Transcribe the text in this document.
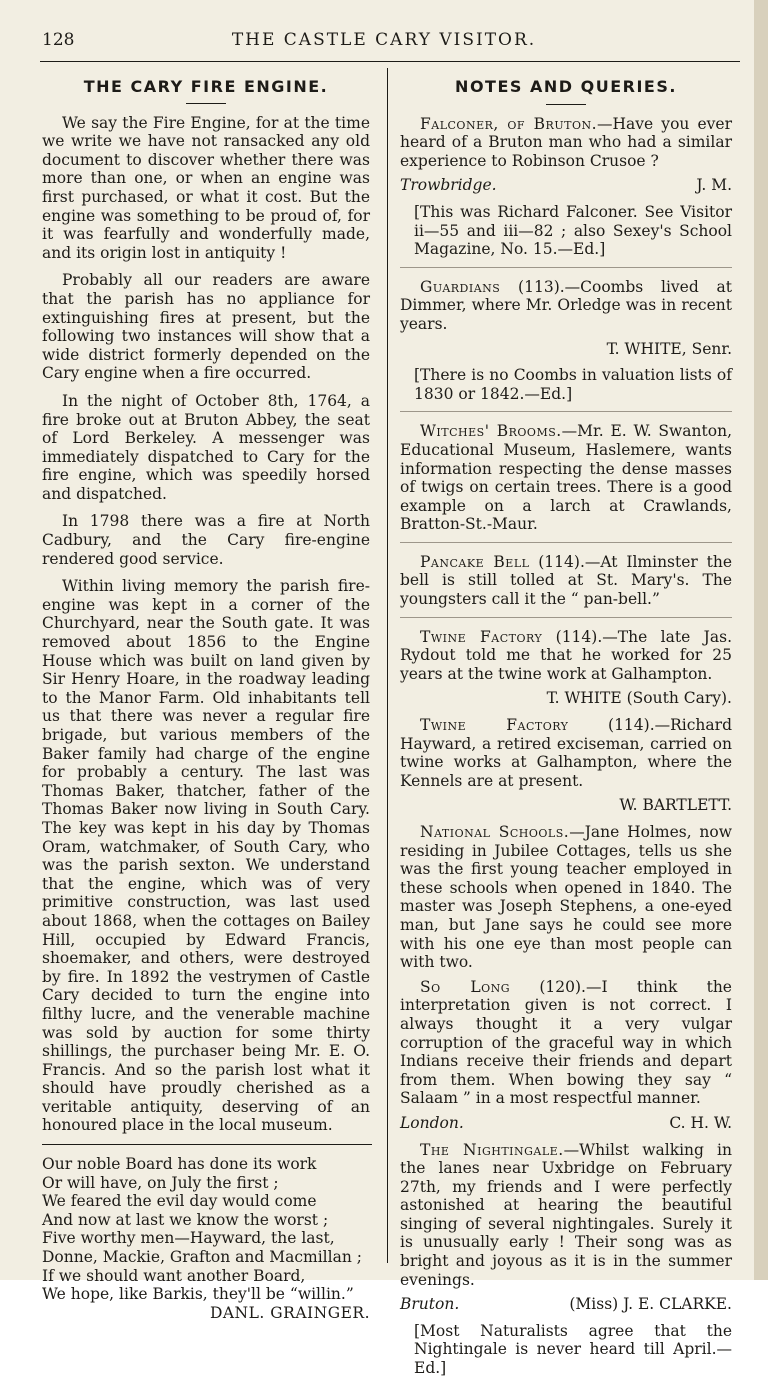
128	THE CASTLE CARY VISITOR.
THE CARY FIRE ENGINE.

We say the Fire Engine, for at the time we write we have not ransacked any old document to discover whether there was more than one, or when an engine was first purchased, or what it cost. But the engine was something to be proud of, for it was fearfully and wonderfully made, and its origin lost in antiquity !

Probably all our readers are aware that the parish has no appliance for extinguishing fires at present, but the following two instances will show that a wide district formerly depended on the Cary engine when a fire occurred.

In the night of October 8th, 1764, a fire broke out at Bruton Abbey, the seat of Lord Berkeley. A messenger was immediately dispatched to Cary for the fire engine, which was speedily horsed and dispatched.

In 1798 there was a fire at North Cadbury, and the Cary fire-engine rendered good service.

Within living memory the parish fire-engine was kept in a corner of the Churchyard, near the South gate. It was removed about 1856 to the Engine House which was built on land given by Sir Henry Hoare, in the roadway leading to the Manor Farm. Old inhabitants tell us that there was never a regular fire brigade, but various members of the Baker family had charge of the engine for probably a century. The last was Thomas Baker, thatcher, father of the Thomas Baker now living in South Cary. The key was kept in his day by Thomas Oram, watchmaker, of South Cary, who was the parish sexton. We understand that the engine, which was of very primitive construction, was last used about 1868, when the cottages on Bailey Hill, occupied by Edward Francis, shoemaker, and others, were destroyed by fire. In 1892 the vestrymen of Castle Cary decided to turn the engine into filthy lucre, and the venerable machine was sold by auction for some thirty shillings, the purchaser being Mr. E. O. Francis. And so the parish lost what it should have proudly cherished as a veritable antiquity, deserving of an honoured place in the local museum.

Our noble Board has done its work
Or will have, on July the first ;
We feared the evil day would come
And now at last we know the worst ;
Five worthy men—Hayward, the last,
Donne, Mackie, Grafton and Macmillan ;
If we should want another Board,
We hope, like Barkis, they'll be “willin.”
DANL. GRAINGER.
NOTES AND QUERIES.

Falconer, of Bruton.—Have you ever heard of a Bruton man who had a similar experience to Robinson Crusoe ?

Trowbridge.	J. M.

[This was Richard Falconer. See Visitor ii—55 and iii—82 ; also Sexey's School Magazine, No. 15.—Ed.]

Guardians (113).—Coombs lived at Dimmer, where Mr. Orledge was in recent years.

T. WHITE, Senr.

[There is no Coombs in valuation lists of 1830 or 1842.—Ed.]

Witches' Brooms.—Mr. E. W. Swanton, Educational Museum, Haslemere, wants information respecting the dense masses of twigs on certain trees. There is a good example on a larch at Crawlands, Bratton-St.-Maur.

Pancake Bell (114).—At Ilminster the bell is still tolled at St. Mary's. The youngsters call it the “ pan-bell.”

Twine Factory (114).—The late Jas. Rydout told me that he worked for 25 years at the twine work at Galhampton.

T. WHITE (South Cary).

Twine Factory (114).—Richard Hayward, a retired exciseman, carried on twine works at Galhampton, where the Kennels are at present.

W. BARTLETT.

National Schools.—Jane Holmes, now residing in Jubilee Cottages, tells us she was the first young teacher employed in these schools when opened in 1840. The master was Joseph Stephens, a one-eyed man, but Jane says he could see more with his one eye than most people can with two.

So Long (120).—I think the interpretation given is not correct. I always thought it a very vulgar corruption of the graceful way in which Indians receive their friends and depart from them. When bowing they say “ Salaam ” in a most respectful manner.

London.	C. H. W.

The Nightingale.—Whilst walking in the lanes near Uxbridge on February 27th, my friends and I were perfectly astonished at hearing the beautiful singing of several nightingales. Surely it is unusually early ! Their song was as bright and joyous as it is in the summer evenings.

Bruton.	(Miss) J. E. CLARKE.

[Most Naturalists agree that the Nightingale is never heard till April.—Ed.]
